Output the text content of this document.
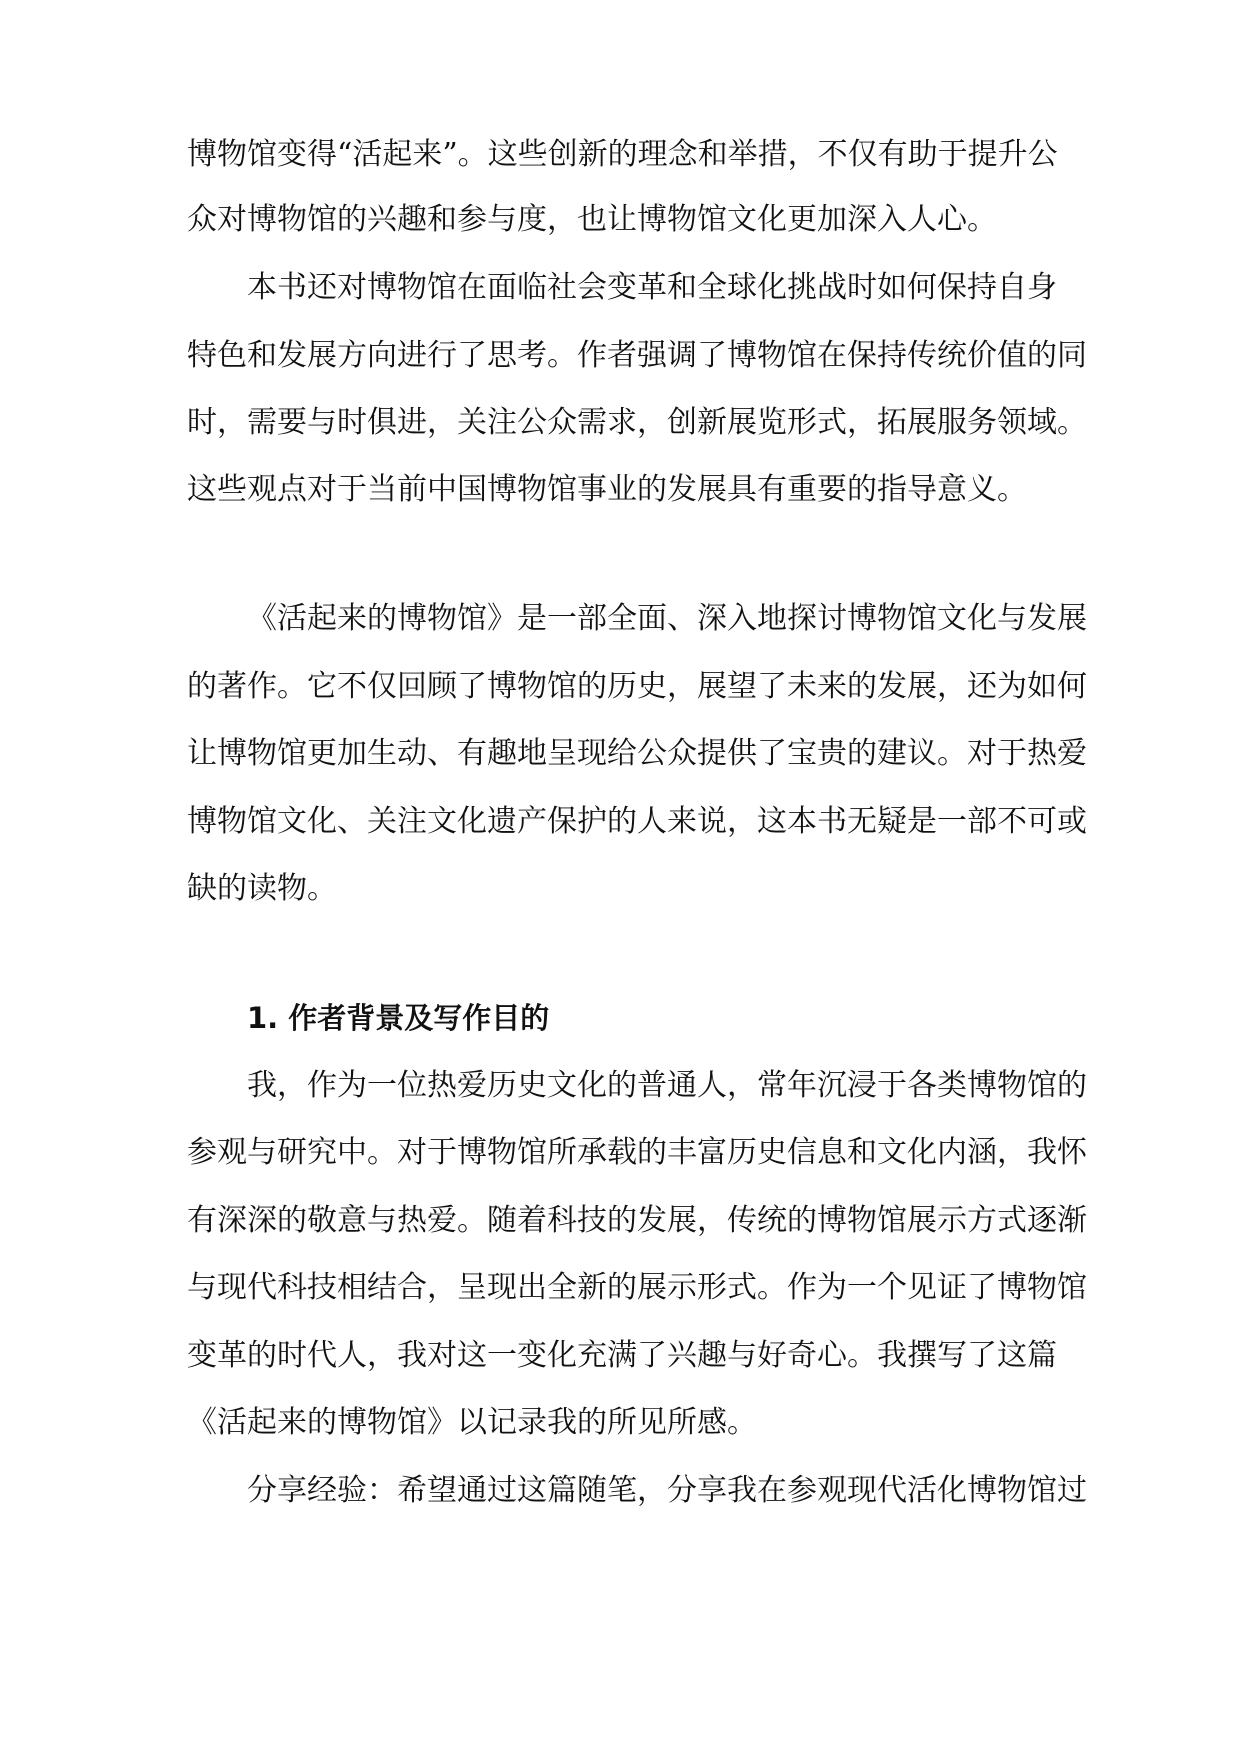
博物馆变得“活起来”。这些创新的理念和举措，不仅有助于提升公
众对博物馆的兴趣和参与度，也让博物馆文化更加深入人心。
本书还对博物馆在面临社会变革和全球化挑战时如何保持自身
特色和发展方向进行了思考。作者强调了博物馆在保持传统价值的同
时，需要与时俱进，关注公众需求，创新展览形式，拓展服务领域。
这些观点对于当前中国博物馆事业的发展具有重要的指导意义。
《活起来的博物馆》是一部全面、深入地探讨博物馆文化与发展
的著作。它不仅回顾了博物馆的历史，展望了未来的发展，还为如何
让博物馆更加生动、有趣地呈现给公众提供了宝贵的建议。对于热爱
博物馆文化、关注文化遗产保护的人来说，这本书无疑是一部不可或
缺的读物。
1. 作者背景及写作目的
我，作为一位热爱历史文化的普通人，常年沉浸于各类博物馆的
参观与研究中。对于博物馆所承载的丰富历史信息和文化内涵，我怀
有深深的敬意与热爱。随着科技的发展，传统的博物馆展示方式逐渐
与现代科技相结合，呈现出全新的展示形式。作为一个见证了博物馆
变革的时代人，我对这一变化充满了兴趣与好奇心。我撰写了这篇
《活起来的博物馆》以记录我的所见所感。
分享经验：希望通过这篇随笔，分享我在参观现代活化博物馆过
